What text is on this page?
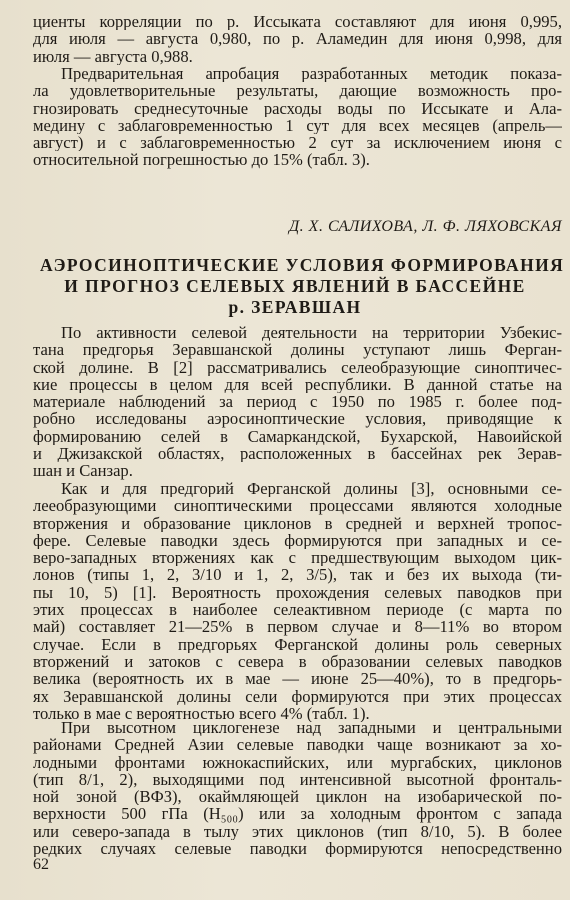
циенты корреляции по р. Иссыката составляют для июня 0,995,
для июля — августа 0,980, по р. Аламедин для июня 0,998, для
июля — августа 0,988.
Предварительная апробация разработанных методик показа-
ла удовлетворительные результаты, дающие возможность про-
гнозировать среднесуточные расходы воды по Иссыкате и Ала-
медину с заблаговременностью 1 сут для всех месяцев (апрель—
август) и с заблаговременностью 2 сут за исключением июня с
относительной погрешностью до 15% (табл. 3).
Д. Х. САЛИХОВА, Л. Ф. ЛЯХОВСКАЯ
АЭРОСИНОПТИЧЕСКИЕ УСЛОВИЯ ФОРМИРОВАНИЯ
И ПРОГНОЗ СЕЛЕВЫХ ЯВЛЕНИЙ В БАССЕЙНЕ
р. ЗЕРАВШАН
По активности селевой деятельности на территории Узбекис-
тана предгорья Зеравшанской долины уступают лишь Ферган-
ской долине. В [2] рассматривались селеобразующие синоптичес-
кие процессы в целом для всей республики. В данной статье на
материале наблюдений за период с 1950 по 1985 г. более под-
робно исследованы аэросиноптические условия, приводящие к
формированию селей в Самаркандской, Бухарской, Навоийской
и Джизакской областях, расположенных в бассейнах рек Зерав-
шан и Санзар.
Как и для предгорий Ферганской долины [3], основными се-
лееобразующими синоптическими процессами являются холодные
вторжения и образование циклонов в средней и верхней тропос-
фере. Селевые паводки здесь формируются при западных и се-
веро-западных вторжениях как с предшествующим выходом цик-
лонов (типы 1, 2, 3/10 и 1, 2, 3/5), так и без их выхода (ти-
пы 10, 5) [1]. Вероятность прохождения селевых паводков при
этих процессах в наиболее селеактивном периоде (с марта по
май) составляет 21—25% в первом случае и 8—11% во втором
случае. Если в предгорьях Ферганской долины роль северных
вторжений и затоков с севера в образовании селевых паводков
велика (вероятность их в мае — июне 25—40%), то в предгорь-
ях Зеравшанской долины сели формируются при этих процессах
только в мае с вероятностью всего 4% (табл. 1).
При высотном циклогенезе над западными и центральными
районами Средней Азии селевые паводки чаще возникают за хо-
лодными фронтами южнокаспийских, или мургабских, циклонов
(тип 8/1, 2), выходящими под интенсивной высотной фронталь-
ной зоной (ВФЗ), окаймляющей циклон на изобарической по-
верхности 500 гПа (H₅₀₀) или за холодным фронтом с запада
или северо-запада в тылу этих циклонов (тип 8/10, 5). В более
редких случаях селевые паводки формируются непосредственно
62
